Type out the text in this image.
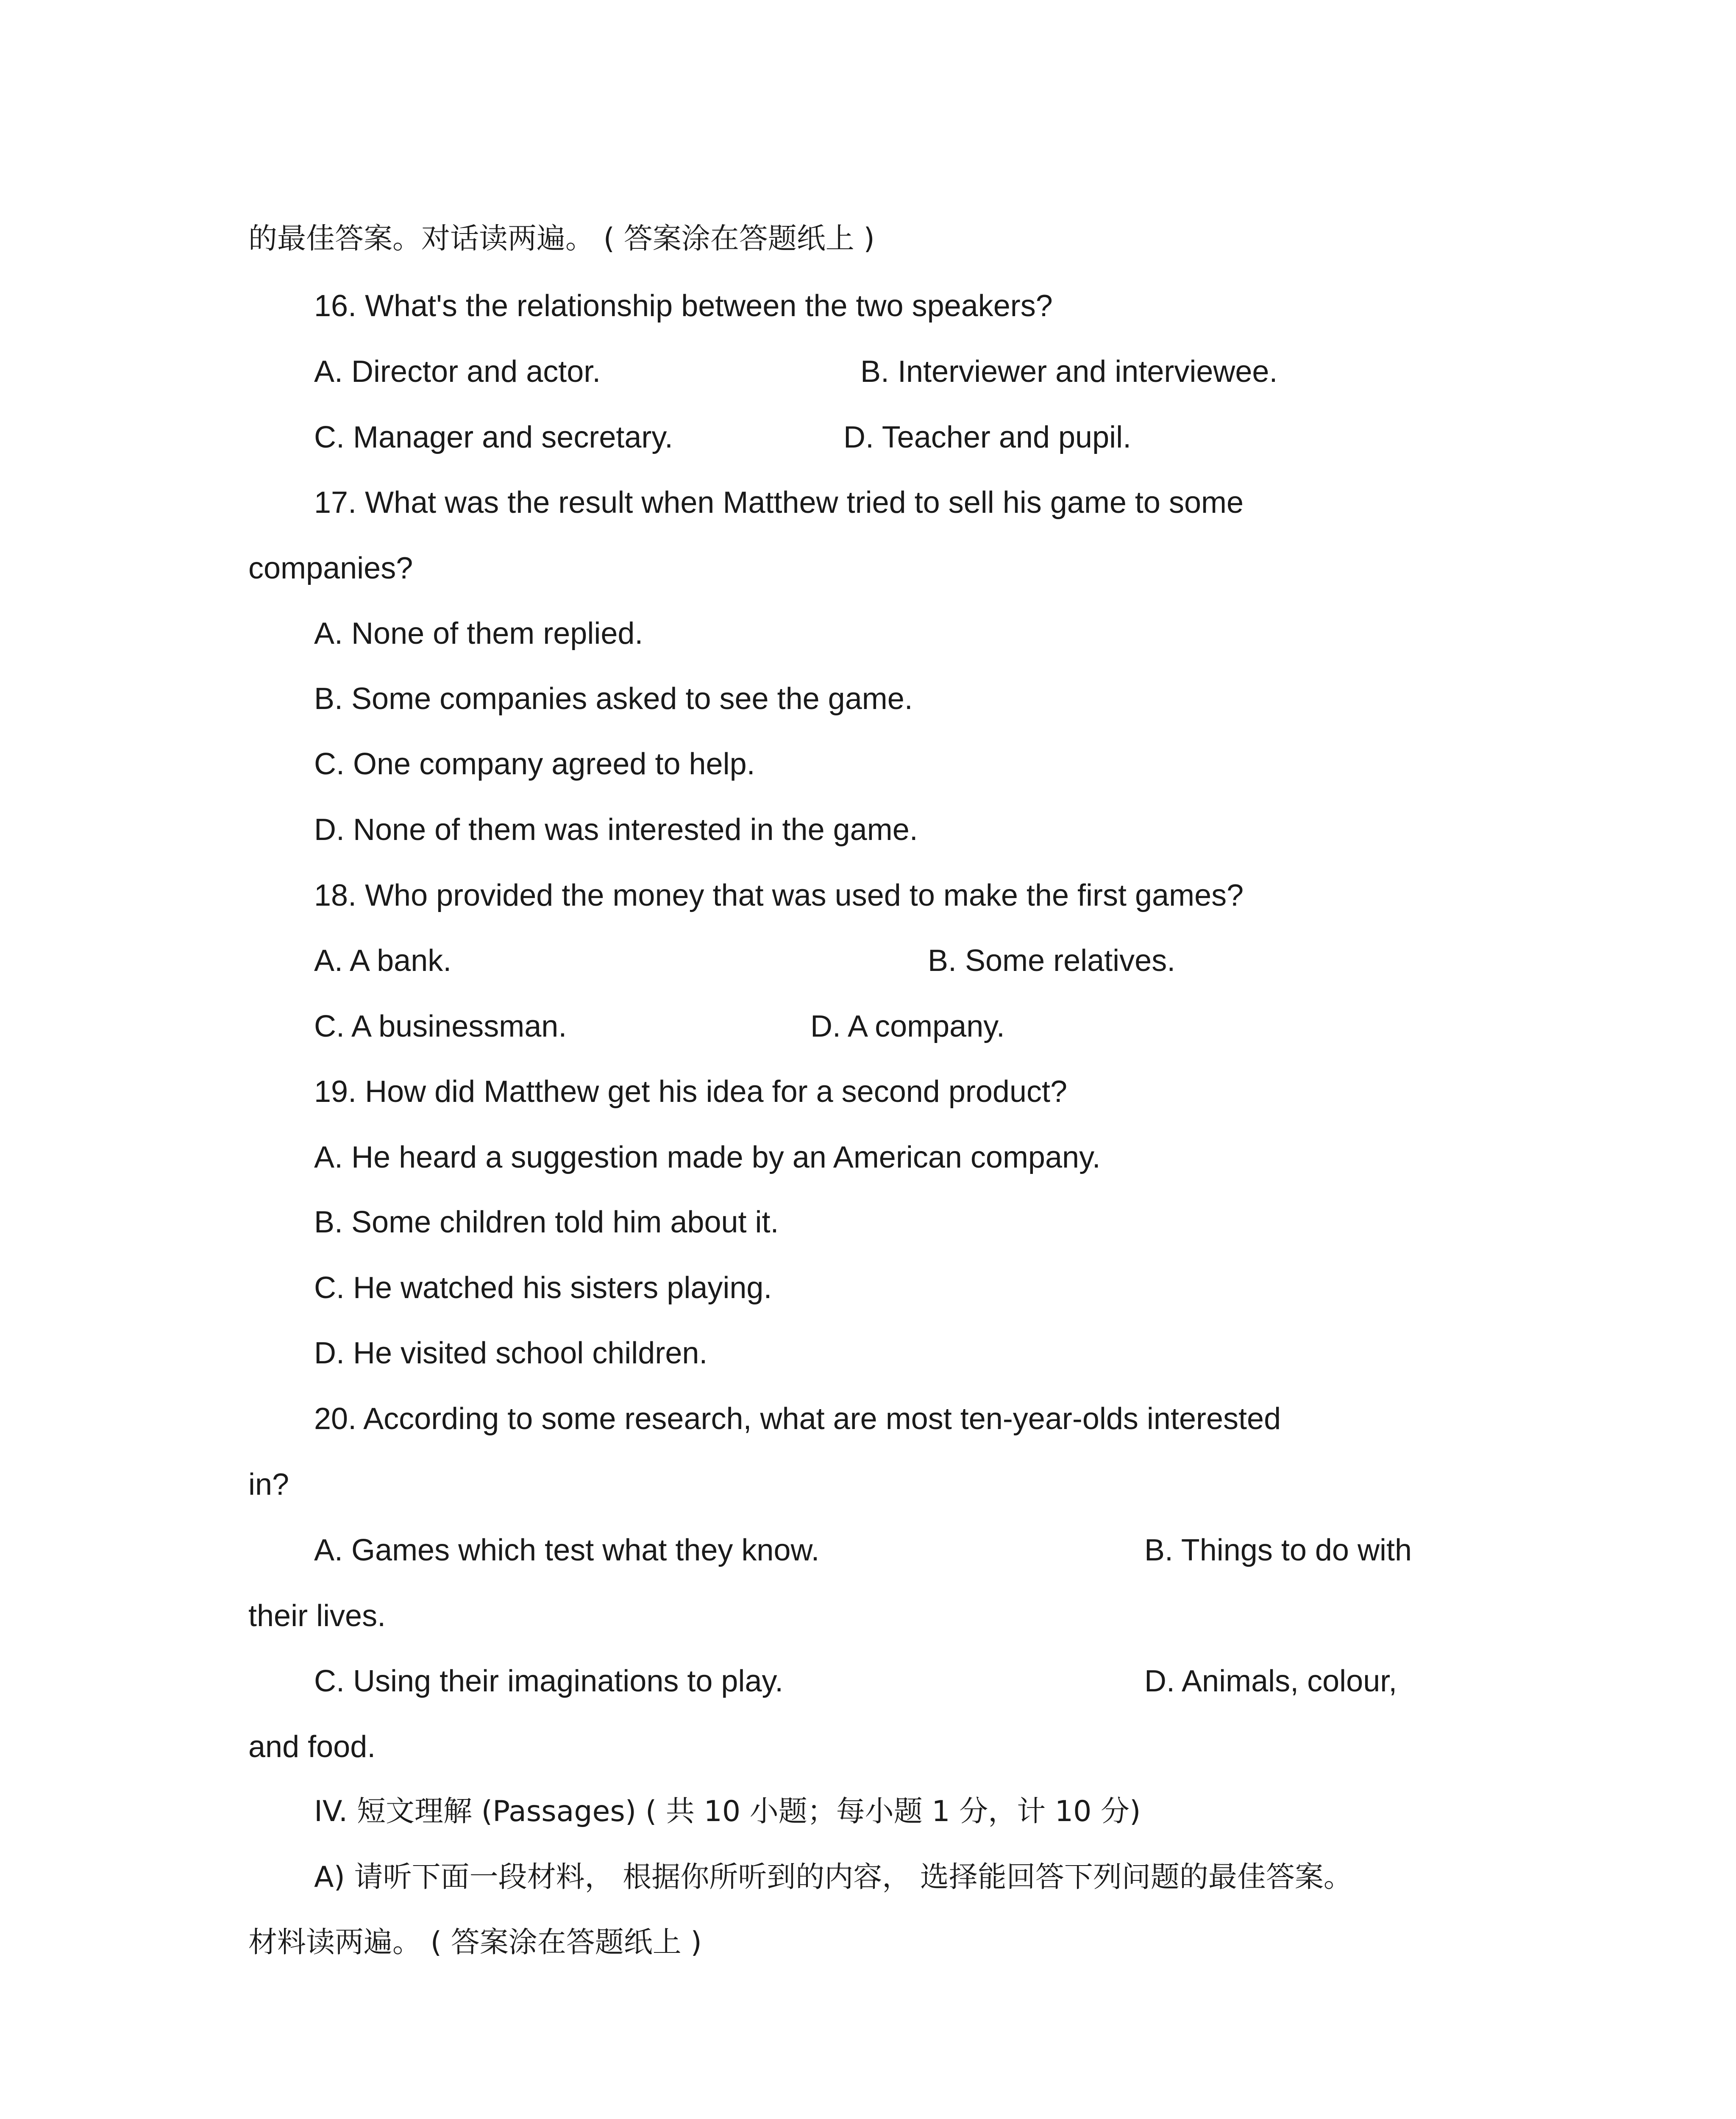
的最佳答案。对话读两遍。 ( 答案涂在答题纸上 )
16. What's the relationship between the two speakers?
A. Director and actor.	B. Interviewer and interviewee.
C. Manager and secretary.	D. Teacher and pupil.
17. What was the result when Matthew tried to sell his game to some
companies?
A. None of them replied.
B. Some companies asked to see the game.
C. One company agreed to help.
D. None of them was interested in the game.
18. Who provided the money that was used to make the first games?
A. A bank.	B. Some relatives.
C. A businessman.	D. A company.
19. How did Matthew get his idea for a second product?
A. He heard a suggestion made by an American company.
B. Some children told him about it.
C. He watched his sisters playing.
D. He visited school children.
20. According to some research, what are most ten-year-olds interested
in?
A. Games which test what they know.	B. Things to do with
their lives.
C. Using their imaginations to play.	D. Animals, colour,
and food.
IV. 短文理解 (Passages) ( 共 10 小题；每小题 1 分，计 10 分)
A) 请听下面一段材料， 根据你所听到的内容， 选择能回答下列问题的最佳答案。
材料读两遍。 ( 答案涂在答题纸上 )
